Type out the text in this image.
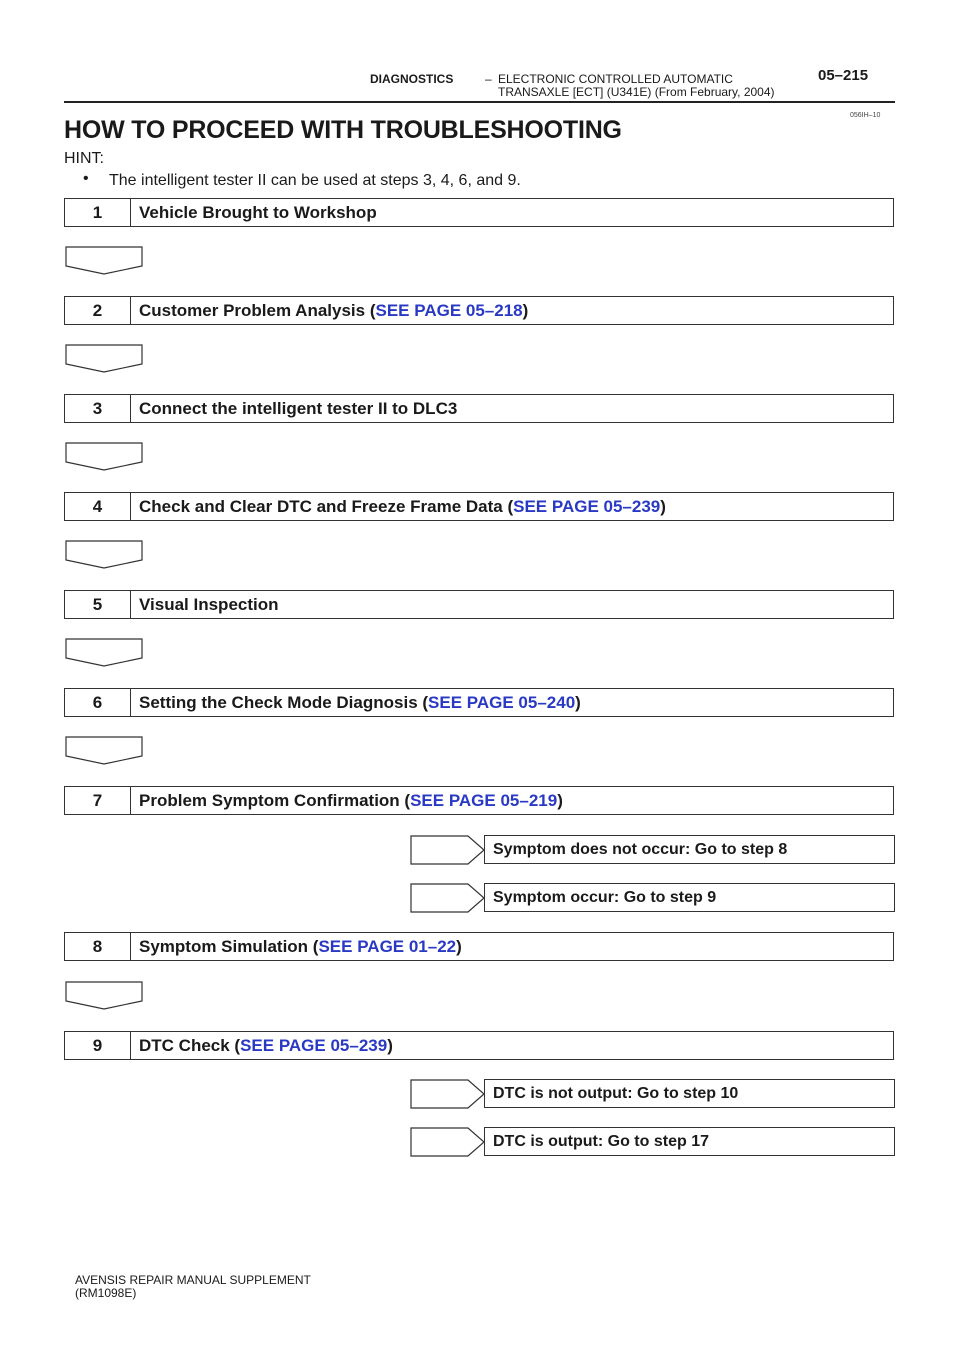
DIAGNOSTICS	– ELECTRONIC CONTROLLED AUTOMATIC
TRANSAXLE [ECT] (U341E) (From February, 2004)
05–215
056IH–10
HOW TO PROCEED WITH TROUBLESHOOTING
HINT:
• The intelligent tester II can be used at steps 3, 4, 6, and 9.
1	Vehicle Brought to Workshop
2	Customer Problem Analysis (SEE PAGE 05–218)
3	Connect the intelligent tester II to DLC3
4	Check and Clear DTC and Freeze Frame Data (SEE PAGE 05–239)
5	Visual Inspection
6	Setting the Check Mode Diagnosis (SEE PAGE 05–240)
7	Problem Symptom Confirmation (SEE PAGE 05–219)
Symptom does not occur: Go to step 8
Symptom occur: Go to step 9
8	Symptom Simulation (SEE PAGE 01–22)
9	DTC Check (SEE PAGE 05–239)
DTC is not output: Go to step 10
DTC is output: Go to step 17
AVENSIS REPAIR MANUAL SUPPLEMENT
(RM1098E)
